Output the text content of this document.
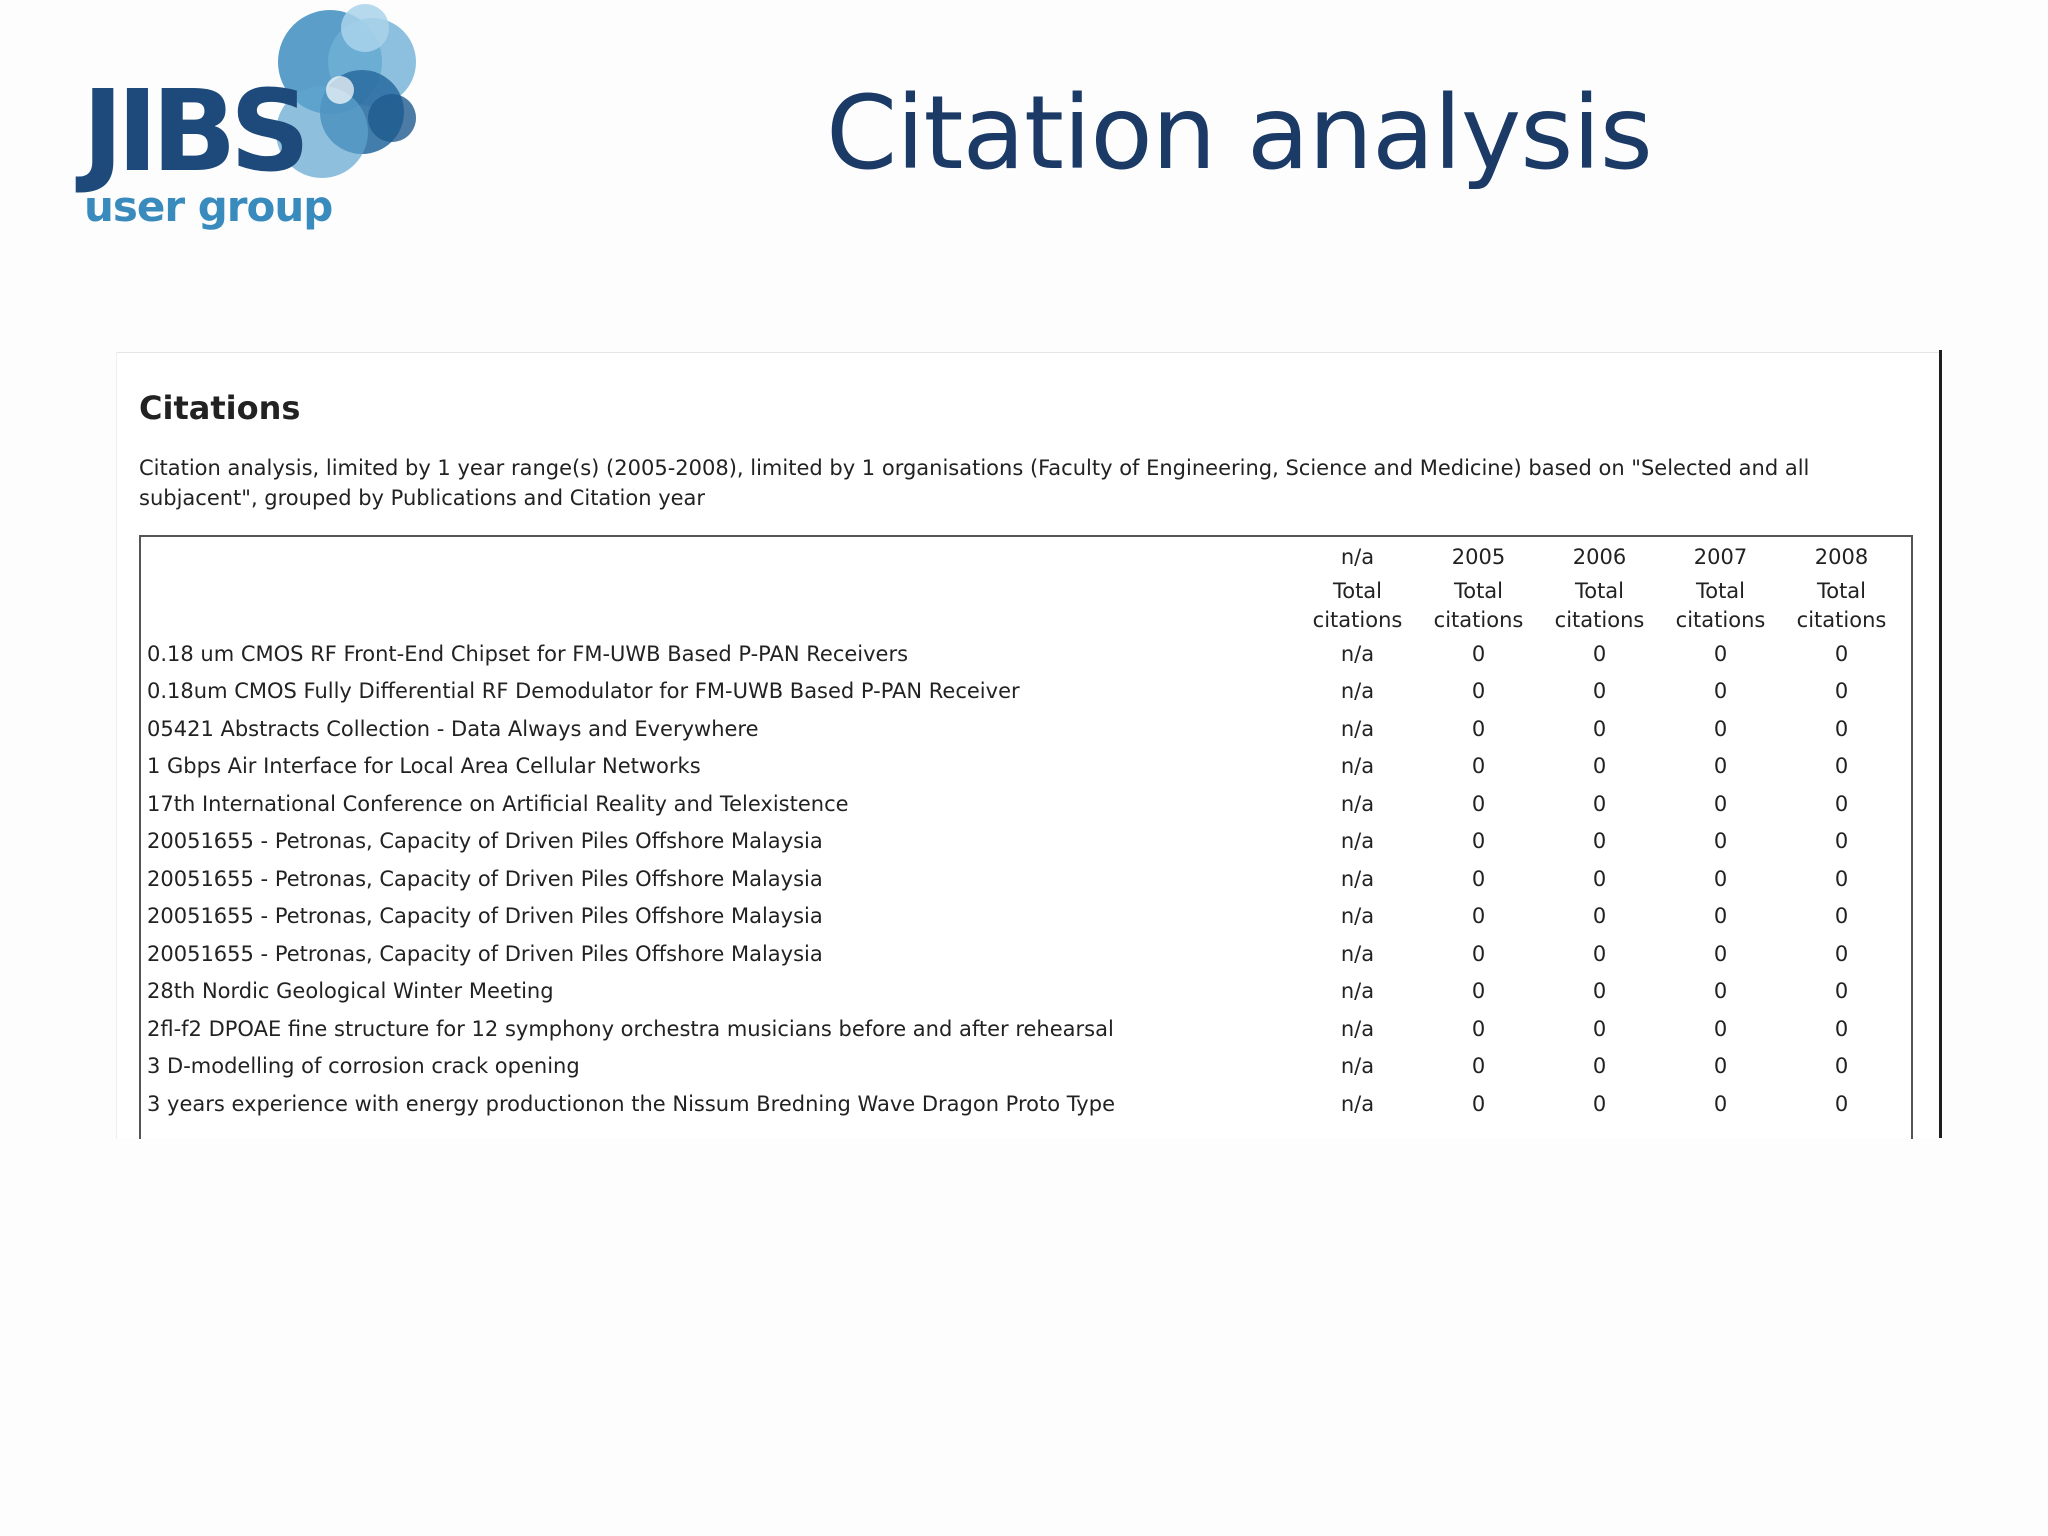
JIBS
user group
Citation analysis
Citations
Citation analysis, limited by 1 year range(s) (2005-2008), limited by 1 organisations (Faculty of Engineering, Science and Medicine) based on "Selected and all subjacent", grouped by Publications and Citation year
	n/a	2005	2006	2007	2008
	Total citations	Total citations	Total citations	Total citations	Total citations
0.18 um CMOS RF Front-End Chipset for FM-UWB Based P-PAN Receivers	n/a	0	0	0	0
0.18um CMOS Fully Differential RF Demodulator for FM-UWB Based P-PAN Receiver	n/a	0	0	0	0
05421 Abstracts Collection - Data Always and Everywhere	n/a	0	0	0	0
1 Gbps Air Interface for Local Area Cellular Networks	n/a	0	0	0	0
17th International Conference on Artificial Reality and Telexistence	n/a	0	0	0	0
20051655 - Petronas, Capacity of Driven Piles Offshore Malaysia	n/a	0	0	0	0
20051655 - Petronas, Capacity of Driven Piles Offshore Malaysia	n/a	0	0	0	0
20051655 - Petronas, Capacity of Driven Piles Offshore Malaysia	n/a	0	0	0	0
20051655 - Petronas, Capacity of Driven Piles Offshore Malaysia	n/a	0	0	0	0
28th Nordic Geological Winter Meeting	n/a	0	0	0	0
2fl-f2 DPOAE fine structure for 12 symphony orchestra musicians before and after rehearsal	n/a	0	0	0	0
3 D-modelling of corrosion crack opening	n/a	0	0	0	0
3 years experience with energy productionon the Nissum Bredning Wave Dragon Proto Type	n/a	0	0	0	0
